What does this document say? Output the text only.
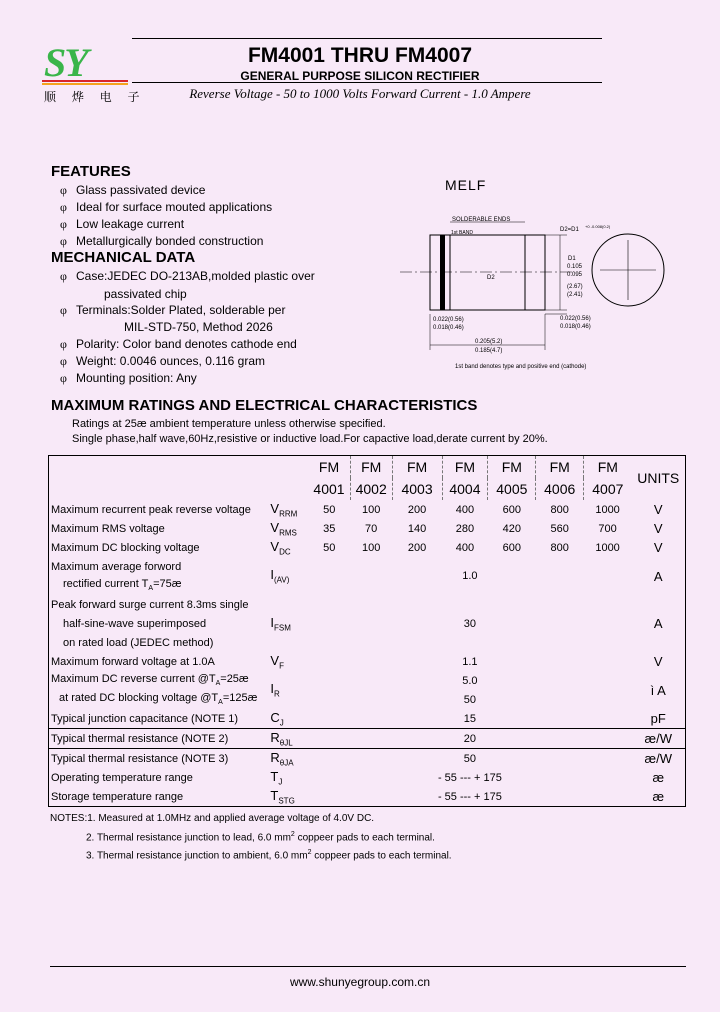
SY
顺 烨 电 子
FM4001 THRU FM4007
GENERAL PURPOSE SILICON RECTIFIER
Reverse Voltage - 50 to 1000 Volts Forward Current - 1.0 Ampere
FEATURES
φ Glass passivated device
φ Ideal for surface mouted applications
φ Low leakage current
φ Metallurgically bonded construction
MECHANICAL DATA
φ Case:JEDEC DO-213AB,molded plastic over
passivated chip
φ Terminals:Solder Plated, solderable per
MIL-STD-750, Method 2026
φ Polarity: Color band denotes cathode end
φ Weight: 0.0046 ounces, 0.116 gram
φ Mounting position: Any
MELF
SOLDERABLE ENDS
1st BAND
0.205(5.2)
0.185(4.7)
0.022(0.56)
0.018(0.46)
D2
D2=D1
+0 -0.008(0.2)
D1
0.105
0.095
(2.67)
(2.41)
0.022(0.56)
0.018(0.46)
1st band denotes type and positive end (cathode)
MAXIMUM RATINGS AND ELECTRICAL CHARACTERISTICS
Ratings at 25æ ambient temperature unless otherwise specified.
Single phase,half wave,60Hz,resistive or inductive load.For capactive load,derate current by 20%.
		FM	FM	FM	FM	FM	FM	FM	UNITS
		4001	4002	4003	4004	4005	4006	4007	
Maximum recurrent peak reverse voltage	$V_{RRM}$	50	100	200	400	600	800	1000	V
Maximum RMS voltage	$V_{RMS}$	35	70	140	280	420	560	700	V
Maximum DC blocking voltage	$V_{DC}$	50	100	200	400	600	800	1000	V
Maximum average forword	$I_{(AV)}$	1.0							A
rectified current $T_A=75æ$									
Peak forward surge current 8.3ms single	$I_{FSM}$	30							A
half-sine-wave superimposed									
on rated load (JEDEC method)									
Maximum forward voltage at 1.0A	$V_F$	1.1							V
Maximum DC reverse current $@T_A=25æ$	$I_R$	5.0							ì A
at rated DC blocking voltage $@T_A=125æ$		50							
Typical junction capacitance (NOTE 1)	$C_J$	15							pF
Typical thermal resistance (NOTE 2)	$R_{\theta JL}$	20							æ/W
Typical thermal resistance (NOTE 3)	$R_{\theta JA}$	50							æ/W
Operating temperature range	$T_J$	- 55 --- + 175							æ
Storage temperature range	$T_{STG}$	- 55 --- + 175							æ
NOTES:1. Measured at 1.0MHz and applied average voltage of 4.0V DC.
2. Thermal resistance junction to lead, 6.0 $mm^2$ coppeer pads to each terminal.
3. Thermal resistance junction to ambient, 6.0 $mm^2$ coppeer pads to each terminal.
www.shunyegroup.com.cn
